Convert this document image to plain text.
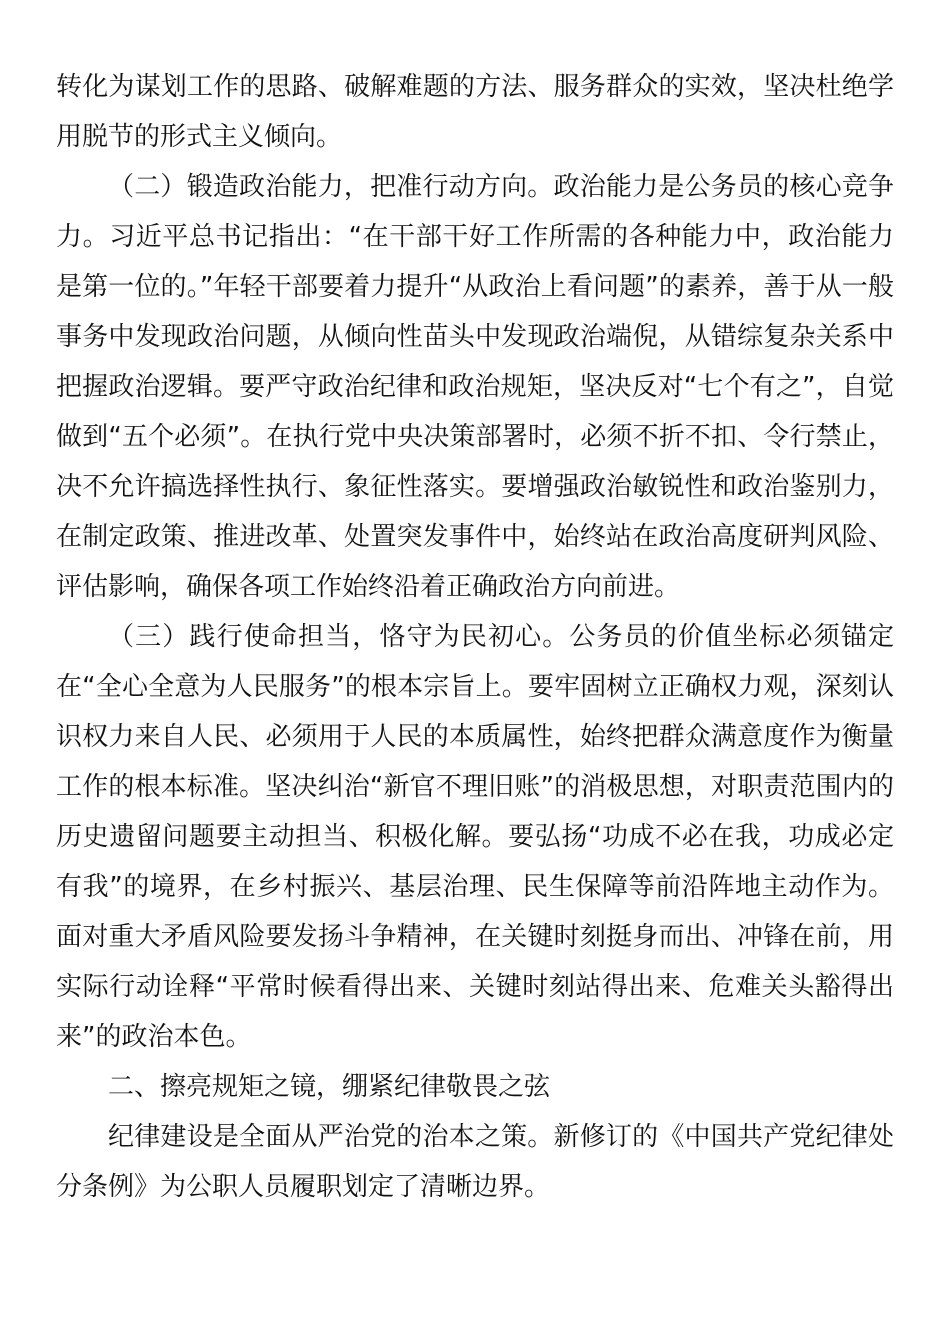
转化为谋划工作的思路、破解难题的方法、服务群众的实效，坚决杜绝学用脱节的形式主义倾向。

（二）锻造政治能力，把准行动方向。政治能力是公务员的核心竞争力。习近平总书记指出：“在干部干好工作所需的各种能力中，政治能力是第一位的。”年轻干部要着力提升“从政治上看问题”的素养，善于从一般事务中发现政治问题，从倾向性苗头中发现政治端倪，从错综复杂关系中把握政治逻辑。要严守政治纪律和政治规矩，坚决反对“七个有之”，自觉做到“五个必须”。在执行党中央决策部署时，必须不折不扣、令行禁止，决不允许搞选择性执行、象征性落实。要增强政治敏锐性和政治鉴别力，在制定政策、推进改革、处置突发事件中，始终站在政治高度研判风险、评估影响，确保各项工作始终沿着正确政治方向前进。

（三）践行使命担当，恪守为民初心。公务员的价值坐标必须锚定在“全心全意为人民服务”的根本宗旨上。要牢固树立正确权力观，深刻认识权力来自人民、必须用于人民的本质属性，始终把群众满意度作为衡量工作的根本标准。坚决纠治“新官不理旧账”的消极思想，对职责范围内的历史遗留问题要主动担当、积极化解。要弘扬“功成不必在我，功成必定有我”的境界，在乡村振兴、基层治理、民生保障等前沿阵地主动作为。面对重大矛盾风险要发扬斗争精神，在关键时刻挺身而出、冲锋在前，用实际行动诠释“平常时候看得出来、关键时刻站得出来、危难关头豁得出来”的政治本色。

二、擦亮规矩之镜，绷紧纪律敬畏之弦

纪律建设是全面从严治党的治本之策。新修订的《中国共产党纪律处分条例》为公职人员履职划定了清晰边界。
